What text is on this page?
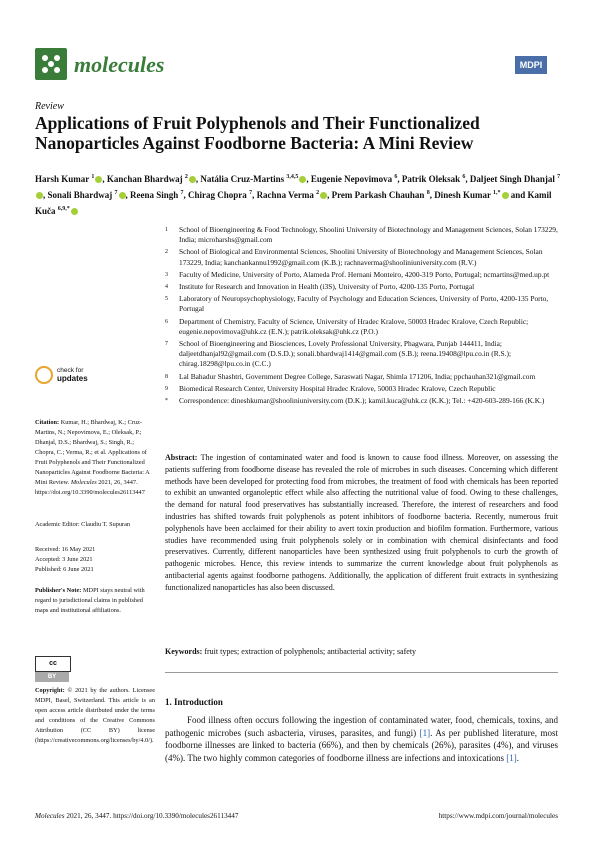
molecules	MDPI
Review
Applications of Fruit Polyphenols and Their Functionalized Nanoparticles Against Foodborne Bacteria: A Mini Review
Harsh Kumar $^1$ , Kanchan Bhardwaj $^2$ , Natália Cruz-Martins $^{3,4,5}$ , Eugenie Nepovimova $^6$, Patrik Oleksak $^6$, Daljeet Singh Dhanjal $^7$, Sonali Bhardwaj $^7$ , Reena Singh $^7$, Chirag Chopra $^7$, Rachna Verma $^2$ , Prem Parkash Chauhan $^8$, Dinesh Kumar $^{1,*}$ and Kamil Kuča $^{6,9,*}$
1	School of Bioengineering & Food Technology, Shoolini University of Biotechnology and Management Sciences, Solan 173229, India; microharshs@gmail.com
2	School of Biological and Environmental Sciences, Shoolini University of Biotechnology and Management Sciences, Solan 173229, India; kanchankannu1992@gmail.com (K.B.); rachnaverma@shooliniuniversity.com (R.V.)
3	Faculty of Medicine, University of Porto, Alameda Prof. Hernani Monteiro, 4200-319 Porto, Portugal; ncmartins@med.up.pt
4	Institute for Research and Innovation in Health (i3S), University of Porto, 4200-135 Porto, Portugal
5	Laboratory of Neuropsychophysiology, Faculty of Psychology and Education Sciences, University of Porto, 4200-135 Porto, Portugal
6	Department of Chemistry, Faculty of Science, University of Hradec Kralove, 50003 Hradec Kralove, Czech Republic; eugenie.nepovimova@uhk.cz (E.N.); patrik.oleksak@uhk.cz (P.O.)
7	School of Bioengineering and Biosciences, Lovely Professional University, Phagwara, Punjab 144411, India; daljeetdhanjal92@gmail.com (D.S.D.); sonali.bhardwaj1414@gmail.com (S.B.); reena.19408@lpu.co.in (R.S.); chirag.18298@lpu.co.in (C.C.)
8	Lal Bahadur Shashtri, Government Degree College, Saraswati Nagar, Shimla 171206, India; ppchauhan321@gmail.com
9	Biomedical Research Center, University Hospital Hradec Kralove, 50003 Hradec Kralove, Czech Republic
*	Correspondence: dineshkumar@shooliniuniversity.com (D.K.); kamil.kuca@uhk.cz (K.K.); Tel.: +420-603-289-166 (K.K.)
check for
updates
Citation: Kumar, H.; Bhardwaj, K.; Cruz-Martins, N.; Nepovimova, E.; Oleksak, P.; Dhanjal, D.S.; Bhardwaj, S.; Singh, R.; Chopra, C.; Verma, R.; et al. Applications of Fruit Polyphenols and Their Functionalized Nanoparticles Against Foodborne Bacteria: A Mini Review. Molecules 2021, 26, 3447. https://doi.org/10.3390/molecules26113447
Academic Editor: Claudiu T. Supuran
Received: 16 May 2021
Accepted: 3 June 2021
Published: 6 June 2021
Publisher's Note: MDPI stays neutral with regard to jurisdictional claims in published maps and institutional affiliations.
cc
BY
Copyright: © 2021 by the authors. Licensee MDPI, Basel, Switzerland. This article is an open access article distributed under the terms and conditions of the Creative Commons Attribution (CC BY) license (https://creativecommons.org/licenses/by/4.0/).
Abstract: The ingestion of contaminated water and food is known to cause food illness. Moreover, on assessing the patients suffering from foodborne disease has revealed the role of microbes in such diseases. Concerning which different methods have been developed for protecting food from microbes, the treatment of food with chemicals has been reported to exhibit an unwanted organoleptic effect while also affecting the nutritional value of food. Owing to these challenges, the demand for natural food preservatives has substantially increased. Therefore, the interest of researchers and food industries has shifted towards fruit polyphenols as potent inhibitors of foodborne bacteria. Recently, numerous fruit polyphenols have been acclaimed for their ability to avert toxin production and biofilm formation. Furthermore, various studies have recommended using fruit polyphenols solely or in combination with chemical disinfectants and food preservatives. Currently, different nanoparticles have been synthesized using fruit polyphenols to curb the growth of pathogenic microbes. Hence, this review intends to summarize the current knowledge about fruit polyphenols as antibacterial agents against foodborne pathogens. Additionally, the application of different fruit extracts in synthesizing functionalized nanoparticles has also been discussed.
Keywords: fruit types; extraction of polyphenols; antibacterial activity; safety
1. Introduction
Food illness often occurs following the ingestion of contaminated water, food, chemicals, toxins, and pathogenic microbes (such asbacteria, viruses, parasites, and fungi) [1]. As per published literature, most foodborne illnesses are linked to bacteria (66%), and then by chemicals (26%), parasites (4%), and viruses (4%). The two highly common categories of foodborne illness are infections and intoxications [1].
Molecules 2021, 26, 3447. https://doi.org/10.3390/molecules26113447	https://www.mdpi.com/journal/molecules
